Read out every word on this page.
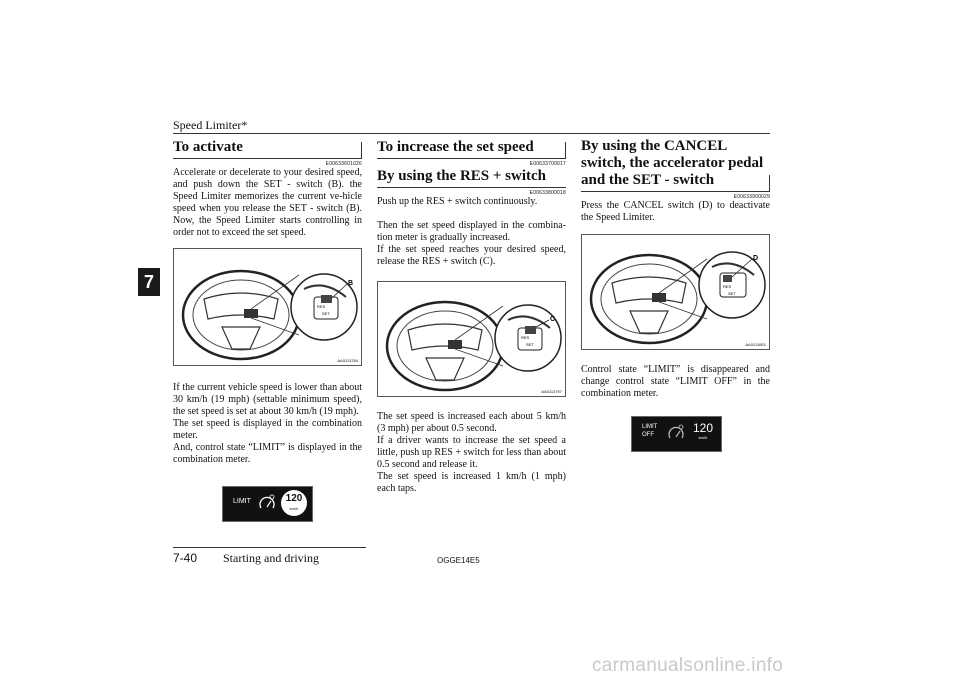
Speed Limiter*
7
To activate
E00633601026

Accelerate or decelerate to your desired speed, and push down the SET - switch (B). the Speed Limiter memorizes the current ve-hicle speed when you release the SET - switch (B). Now, the Speed Limiter starts controlling in order not to exceed the set speed.

RES
SET
B
AA0113784

If the current vehicle speed is lower than about 30 km/h (19 mph) (settable minimum speed), the set speed is set at about 30 km/h (19 mph).

The set speed is displayed in the combination meter.

And, control state “LIMIT” is displayed in the combination meter.

LIMIT	120
km/h
To increase the set speed
E00633700017
By using the RES + switch
E00633800018

Push up the RES + switch continuously.

Then the set speed displayed in the combina-tion meter is gradually increased.

If the set speed reaches your desired speed, release the RES + switch (C).

RES
SET
C
AA0113797

The set speed is increased each about 5 km/h (3 mph) per about 0.5 second.

If a driver wants to increase the set speed a little, push up RES + switch for less than about 0.5 second and release it.

The set speed is increased 1 km/h (1 mph) each taps.

By using the CANCEL switch, the accelerator pedal and the SET - switch
E00633900029

Press the CANCEL switch (D) to deactivate the Speed Limiter.

RES
SET
D
AA0113801

Control state “LIMIT” is disappeared and change control state “LIMIT OFF” in the combination meter.

LIMIT
OFF	120
km/h
7-40 Starting and driving	OGGE14E5
carmanualsonline.info
